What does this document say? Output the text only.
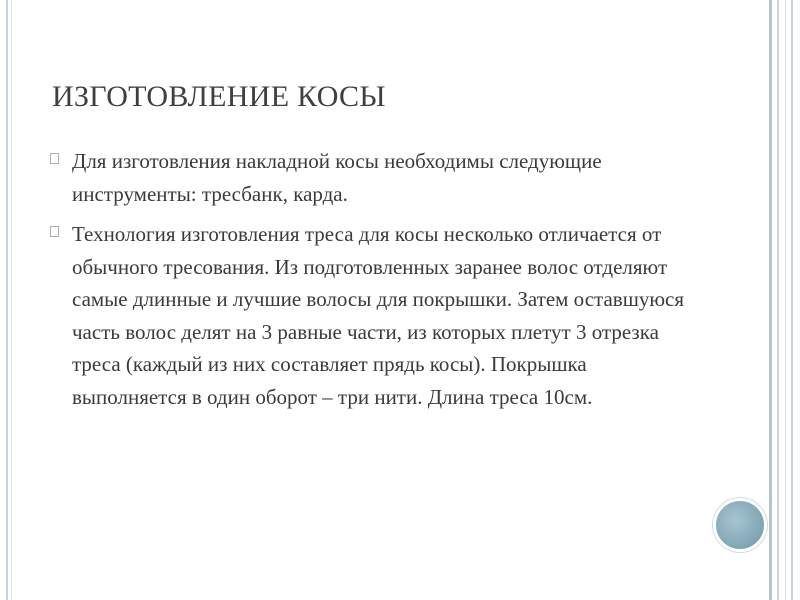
ИЗГОТОВЛЕНИЕ КОСЫ
Для изготовления накладной косы необходимы следующие инструменты: тресбанк, карда.
Технология изготовления треса для косы несколько отличается от обычного тресования. Из подготовленных заранее волос отделяют самые длинные и лучшие волосы для покрышки. Затем оставшуюся часть волос делят на 3 равные части, из которых плетут 3 отрезка треса (каждый из них составляет прядь косы). Покрышка выполняется в один оборот – три нити. Длина треса 10см.
